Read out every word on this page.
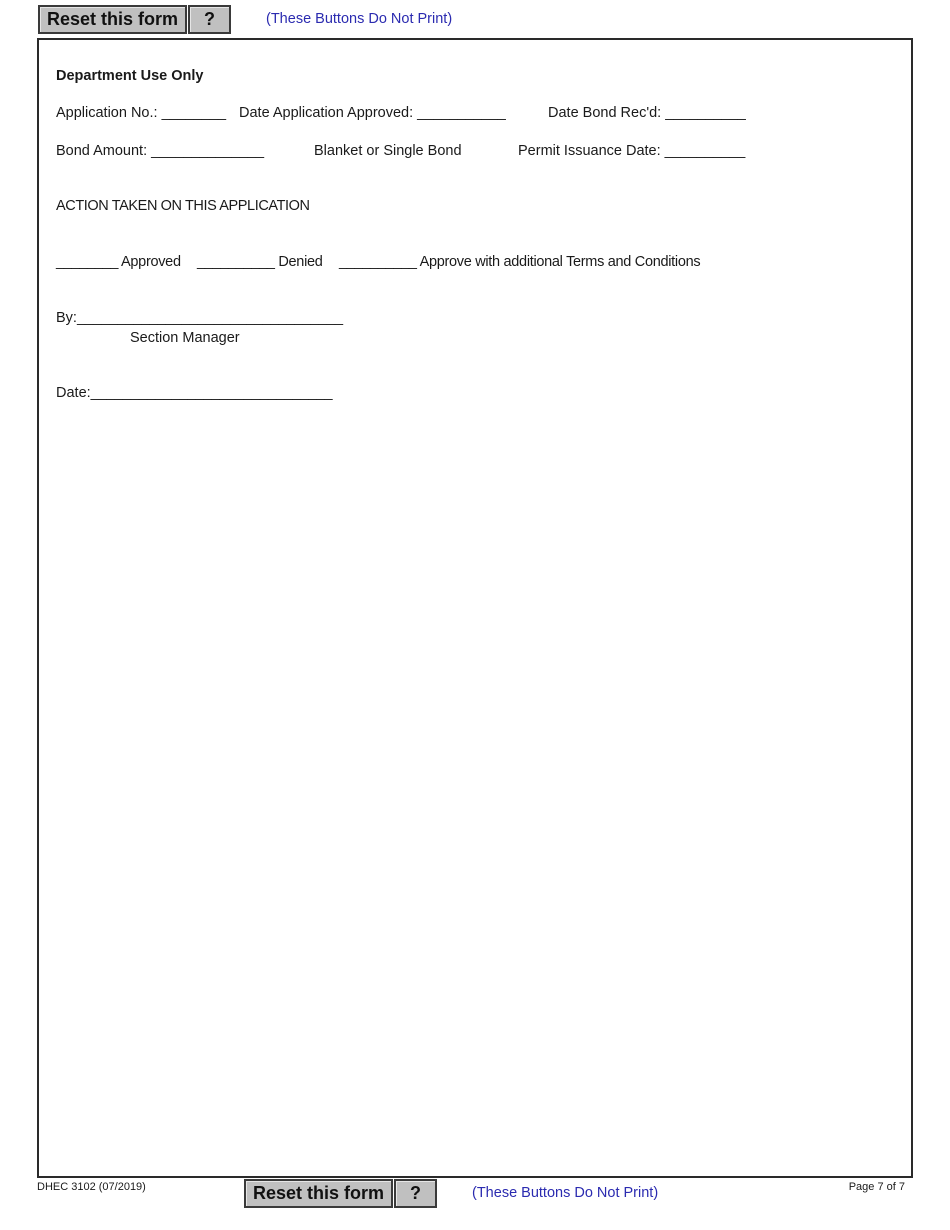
Reset this form	?	(These Buttons Do Not Print)
Department Use Only
Application No.: ________ Date Application Approved: ___________	Date Bond Rec'd: __________
Bond Amount: ______________	Blanket or Single Bond	Permit Issuance Date: __________
ACTION TAKEN ON THIS APPLICATION
________ Approved __________ Denied __________ Approve with additional Terms and Conditions
By:_________________________________
Section Manager
Date:______________________________
DHEC 3102 (07/2019)	Reset this form	?	(These Buttons Do Not Print)	Page 7 of 7
